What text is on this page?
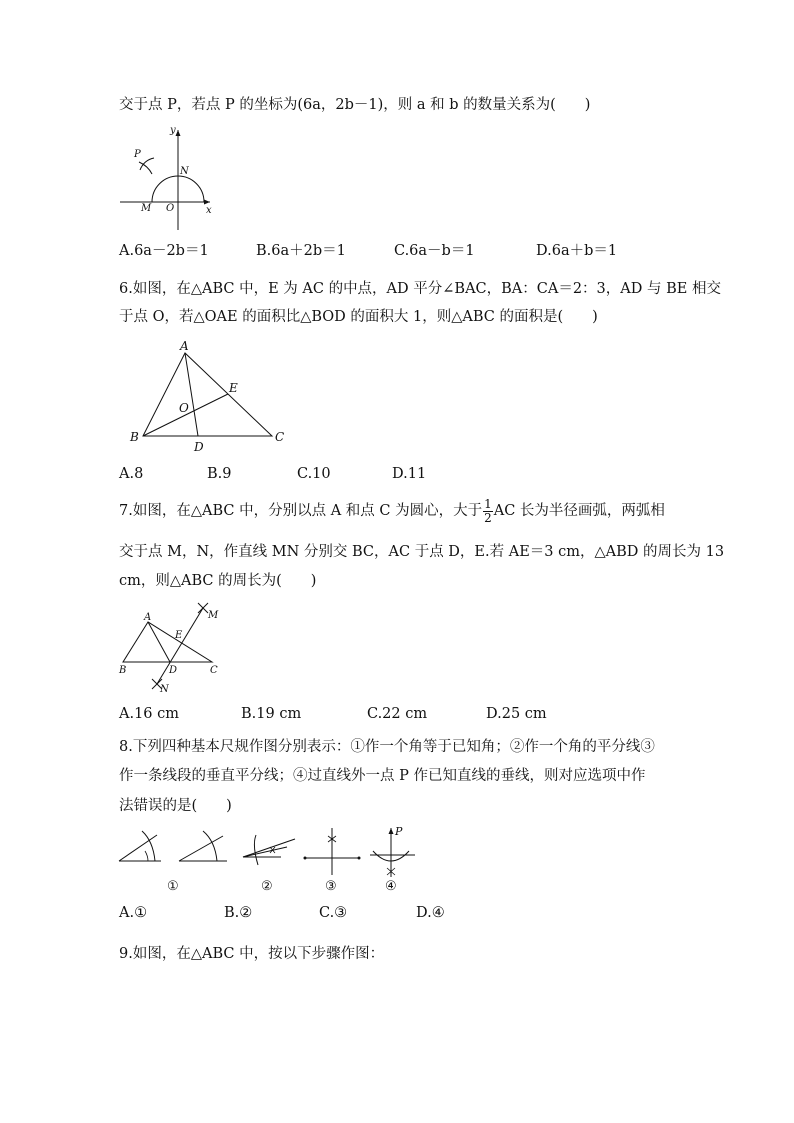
交于点 P，若点 P 的坐标为(6a，2b－1)，则 a 和 b 的数量关系为(　　)
y
x
N
M O
P
A.6a－2b＝1	B.6a＋2b＝1	C.6a－b＝1	D.6a＋b＝1
6.如图，在△ABC 中，E 为 AC 的中点，AD 平分∠BAC，BA：CA＝2：3，AD 与 BE 相交
于点 O，若△OAE 的面积比△BOD 的面积大 1，则△ABC 的面积是(　　)
A
B	C
D
E
O
A.8	B.9	C.10	D.11
7.如图，在△ABC 中，分别以点 A 和点 C 为圆心，大于 $\frac{1}{2}$ AC 长为半径画弧，两弧相
交于点 M，N，作直线 MN 分别交 BC，AC 于点 D，E.若 AE＝3 cm，△ABD 的周长为 13
cm，则△ABC 的周长为(　　)
A
B	C
D
E
M
N
A.16 cm	B.19 cm	C.22 cm	D.25 cm
8.下列四种基本尺规作图分别表示：①作一个角等于已知角；②作一个角的平分线③
作一条线段的垂直平分线；④过直线外一点 P 作已知直线的垂线，则对应选项中作
法错误的是(　　)
P
①	②	③	④
A.①	B.②	C.③	D.④
9.如图，在△ABC 中，按以下步骤作图：
